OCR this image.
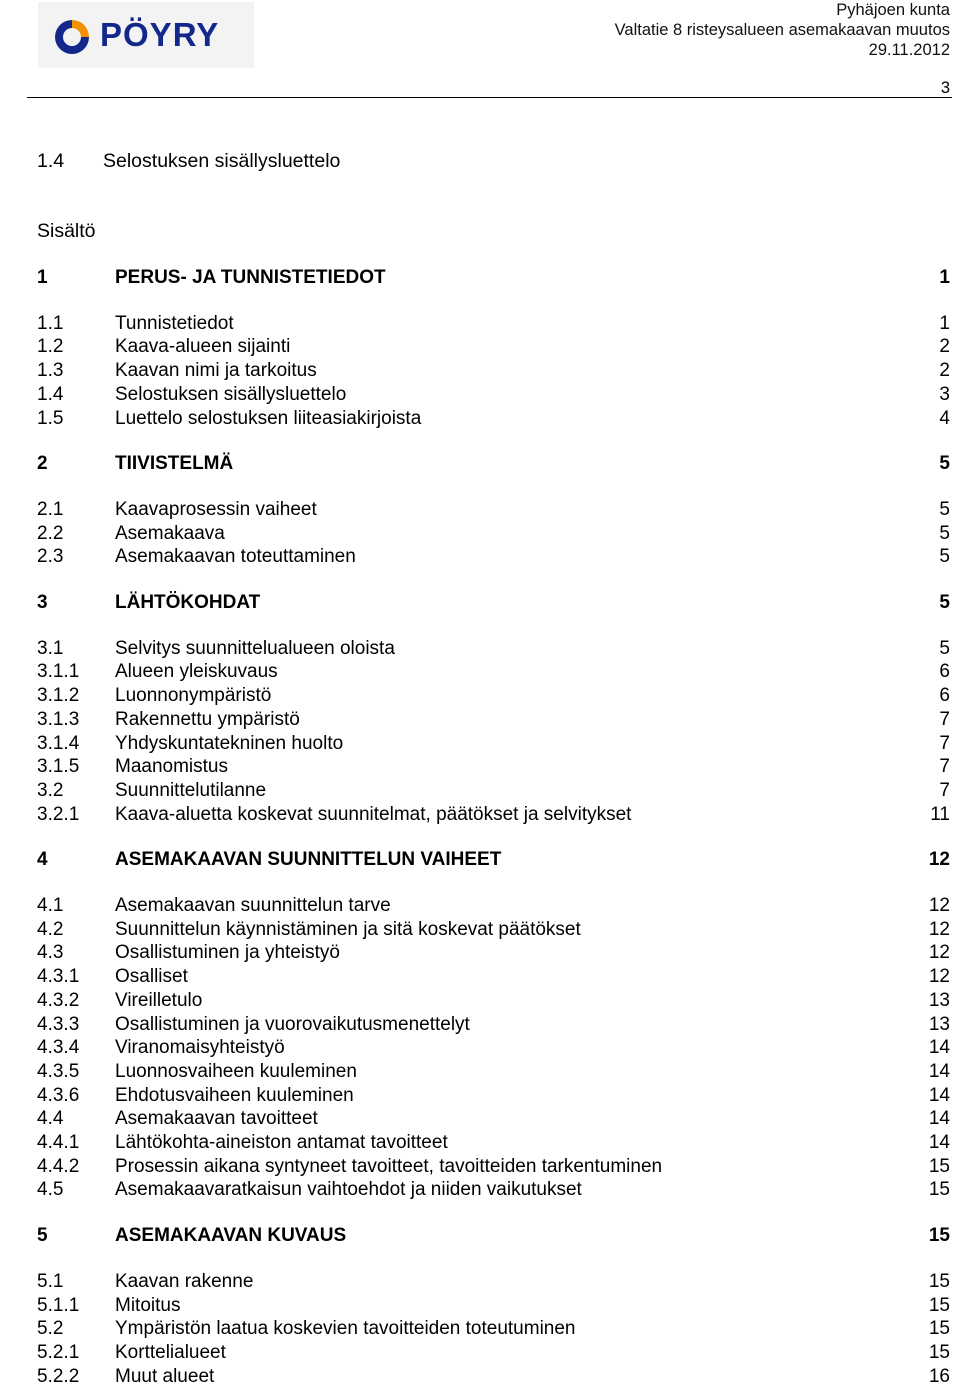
PÖYRY
Pyhäjoen kunta
Valtatie 8 risteysalueen asemakaavan muutos
29.11.2012
3
1.4 Selostuksen sisällysluettelo
Sisältö
1	PERUS- JA TUNNISTETIEDOT	1
1.1	Tunnistetiedot	1
1.2	Kaava-alueen sijainti	2
1.3	Kaavan nimi ja tarkoitus	2
1.4	Selostuksen sisällysluettelo	3
1.5	Luettelo selostuksen liiteasiakirjoista	4
2	TIIVISTELMÄ	5
2.1	Kaavaprosessin vaiheet	5
2.2	Asemakaava	5
2.3	Asemakaavan toteuttaminen	5
3	LÄHTÖKOHDAT	5
3.1	Selvitys suunnittelualueen oloista	5
3.1.1 Alueen yleiskuvaus	6
3.1.2 Luonnonympäristö	6
3.1.3 Rakennettu ympäristö	7
3.1.4 Yhdyskuntatekninen huolto	7
3.1.5 Maanomistus	7
3.2	Suunnittelutilanne	7
3.2.1 Kaava-aluetta koskevat suunnitelmat, päätökset ja selvitykset	11
4	ASEMAKAAVAN SUUNNITTELUN VAIHEET	12
4.1	Asemakaavan suunnittelun tarve	12
4.2	Suunnittelun käynnistäminen ja sitä koskevat päätökset	12
4.3	Osallistuminen ja yhteistyö	12
4.3.1 Osalliset	12
4.3.2 Vireilletulo	13
4.3.3 Osallistuminen ja vuorovaikutusmenettelyt	13
4.3.4 Viranomaisyhteistyö	14
4.3.5 Luonnosvaiheen kuuleminen	14
4.3.6 Ehdotusvaiheen kuuleminen	14
4.4	Asemakaavan tavoitteet	14
4.4.1 Lähtökohta-aineiston antamat tavoitteet	14
4.4.2 Prosessin aikana syntyneet tavoitteet, tavoitteiden tarkentuminen	15
4.5	Asemakaavaratkaisun vaihtoehdot ja niiden vaikutukset	15
5	ASEMAKAAVAN KUVAUS	15
5.1	Kaavan rakenne	15
5.1.1 Mitoitus	15
5.2	Ympäristön laatua koskevien tavoitteiden toteutuminen	15
5.2.1 Korttelialueet	15
5.2.2 Muut alueet	16
